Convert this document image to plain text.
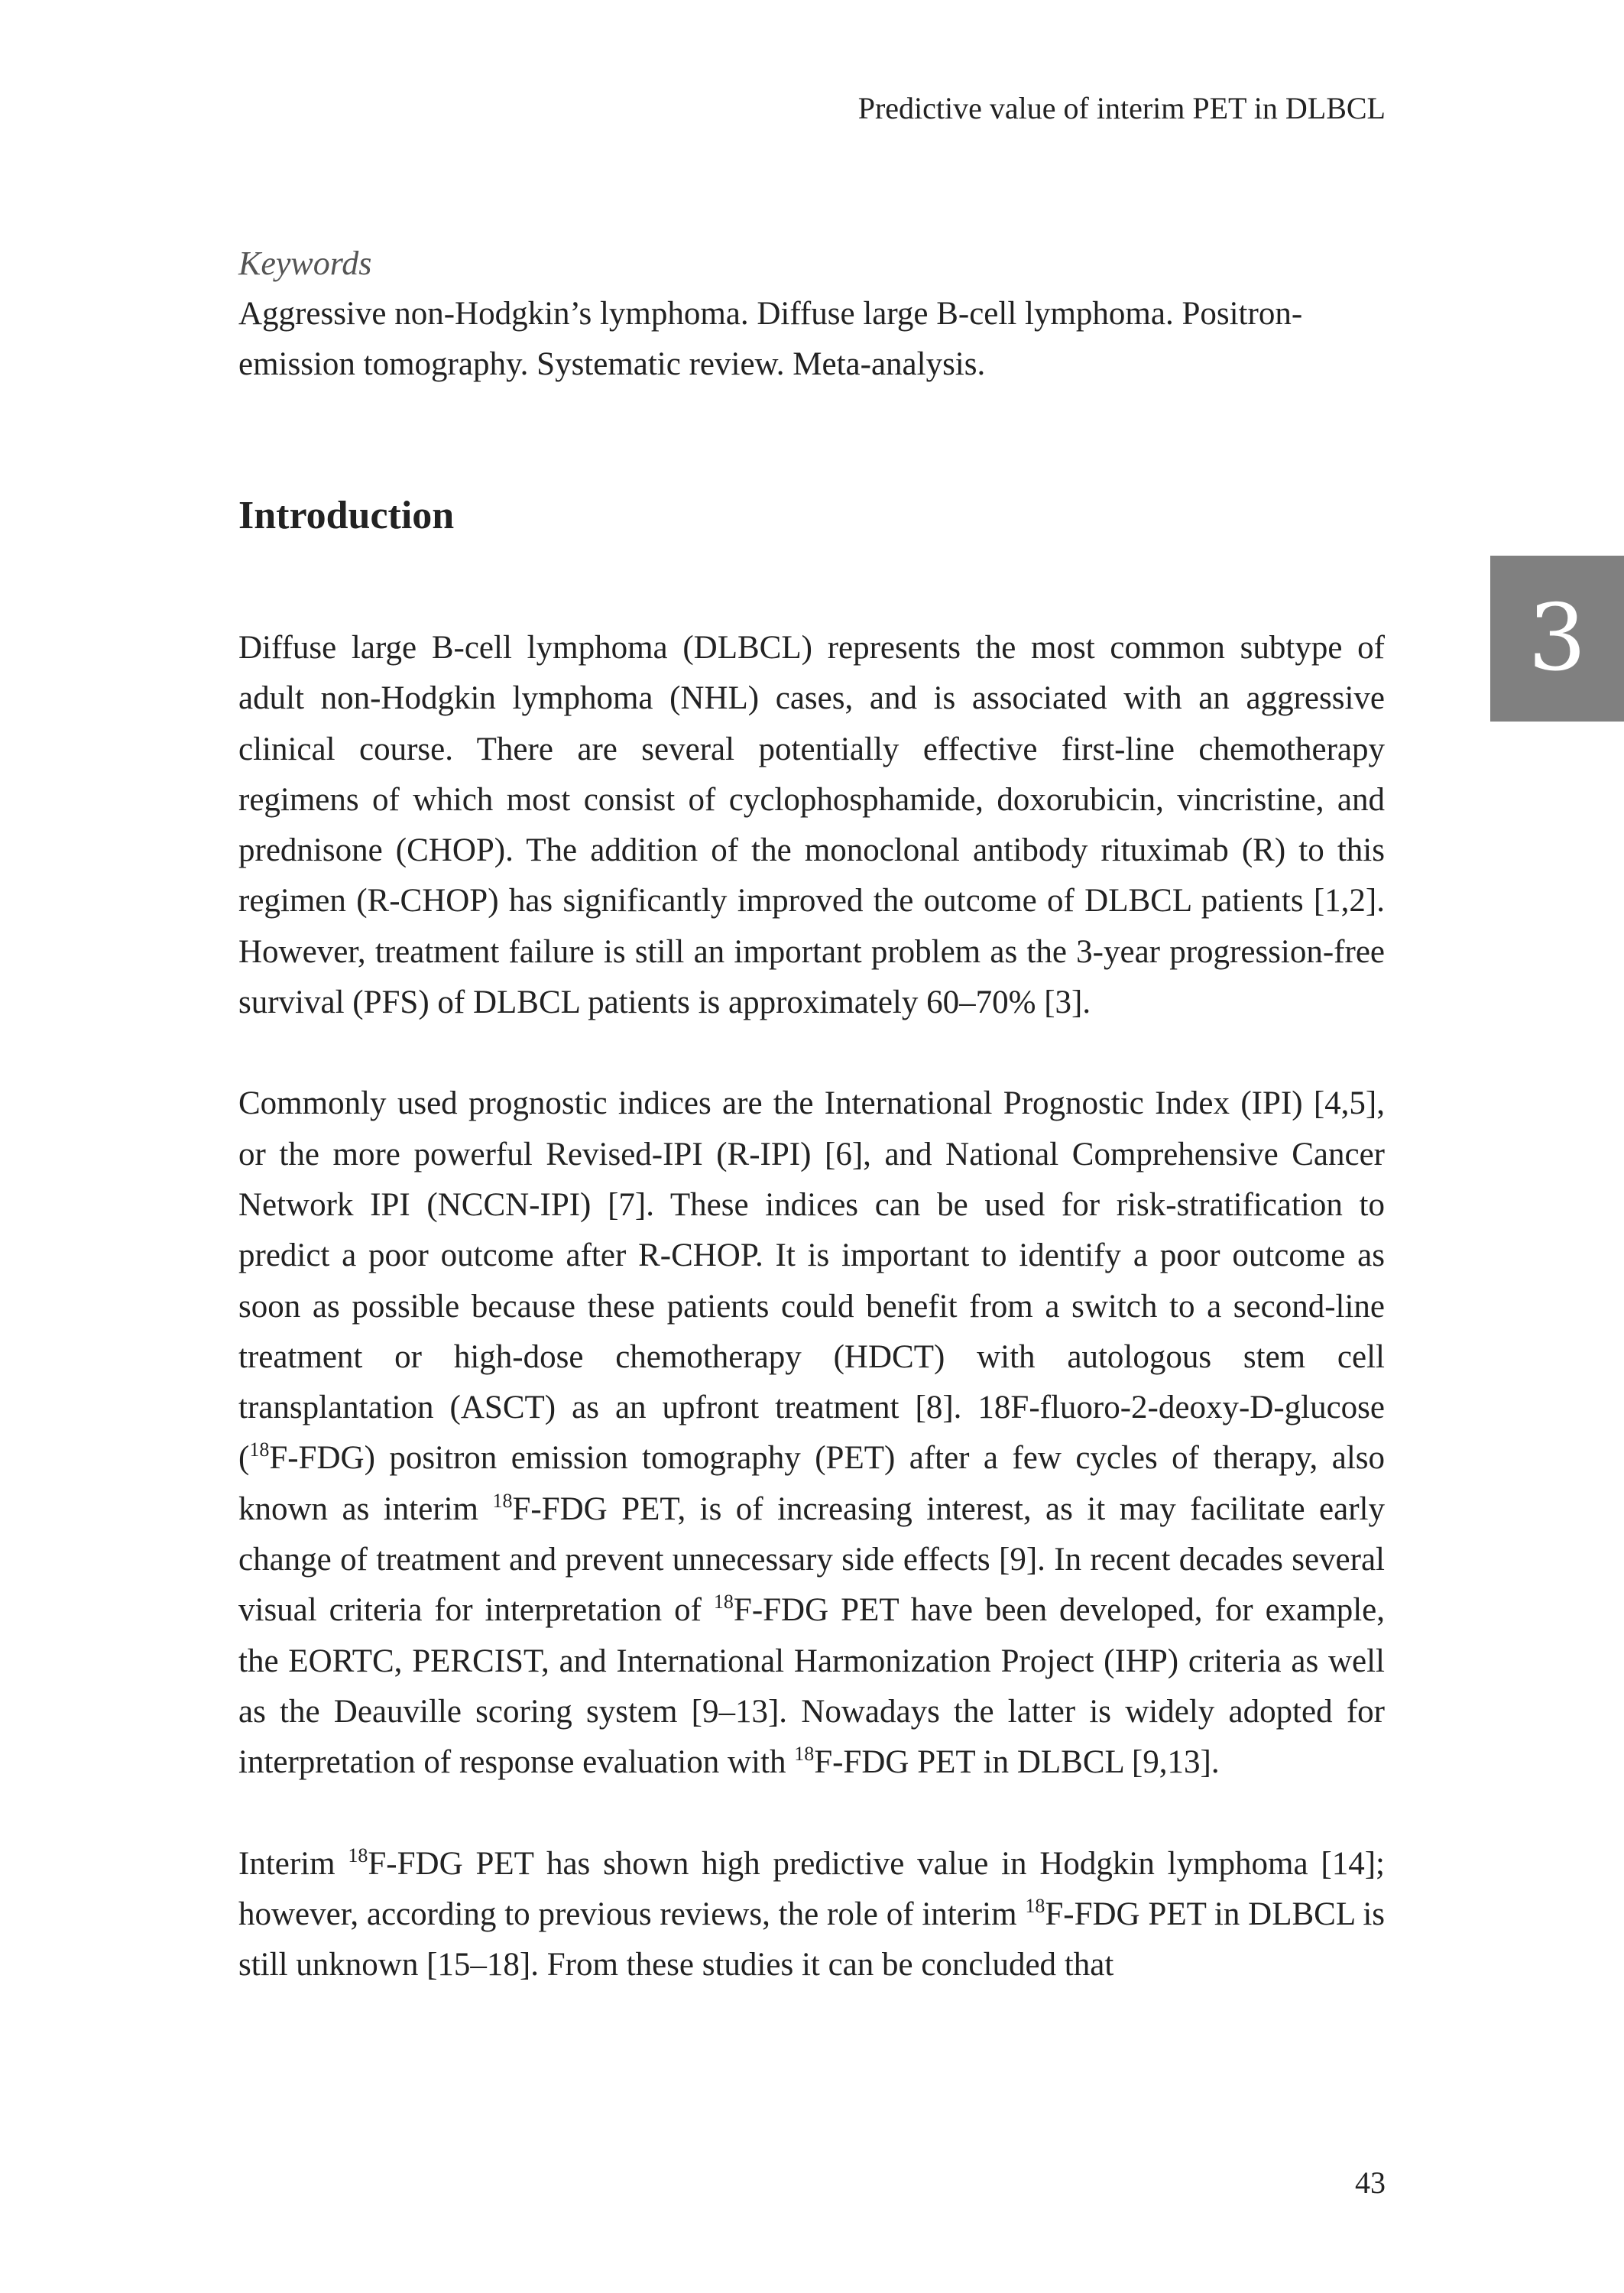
Predictive value of interim PET in DLBCL
3
Keywords

Aggressive non-Hodgkin’s lymphoma. Diffuse large B-cell lymphoma. Positron-emission tomography. Systematic review. Meta-analysis.

Introduction

Diffuse large B-cell lymphoma (DLBCL) represents the most common subtype of adult non-Hodgkin lymphoma (NHL) cases, and is associated with an aggressive clinical course. There are several potentially effective first-line chemotherapy regimens of which most consist of cyclophosphamide, doxorubicin, vincristine, and prednisone (CHOP). The addition of the monoclonal antibody rituximab (R) to this regimen (R-CHOP) has significantly improved the outcome of DLBCL patients [1,2]. However, treatment failure is still an important problem as the 3-year progression-free survival (PFS) of DLBCL patients is approximately 60–70% [3].

Commonly used prognostic indices are the International Prognostic Index (IPI) [4,5], or the more powerful Revised-IPI (R-IPI) [6], and National Comprehensive Cancer Network IPI (NCCN-IPI) [7]. These indices can be used for risk-stratification to predict a poor outcome after R-CHOP. It is important to identify a poor outcome as soon as possible because these patients could benefit from a switch to a second-line treatment or high-dose chemotherapy (HDCT) with autologous stem cell transplantation (ASCT) as an upfront treatment [8]. 18F-fluoro-2-deoxy-D-glucose ($^{18}$F-FDG) positron emission tomography (PET) after a few cycles of therapy, also known as interim $^{18}$F-FDG PET, is of increasing interest, as it may facilitate early change of treatment and prevent unnecessary side effects [9]. In recent decades several visual criteria for interpretation of $^{18}$F-FDG PET have been developed, for example, the EORTC, PERCIST, and International Harmonization Project (IHP) criteria as well as the Deauville scoring system [9–13]. Nowadays the latter is widely adopted for interpretation of response evaluation with $^{18}$F-FDG PET in DLBCL [9,13].

Interim $^{18}$F-FDG PET has shown high predictive value in Hodgkin lymphoma [14]; however, according to previous reviews, the role of interim $^{18}$F-FDG PET in DLBCL is still unknown [15–18]. From these studies it can be concluded that

43
